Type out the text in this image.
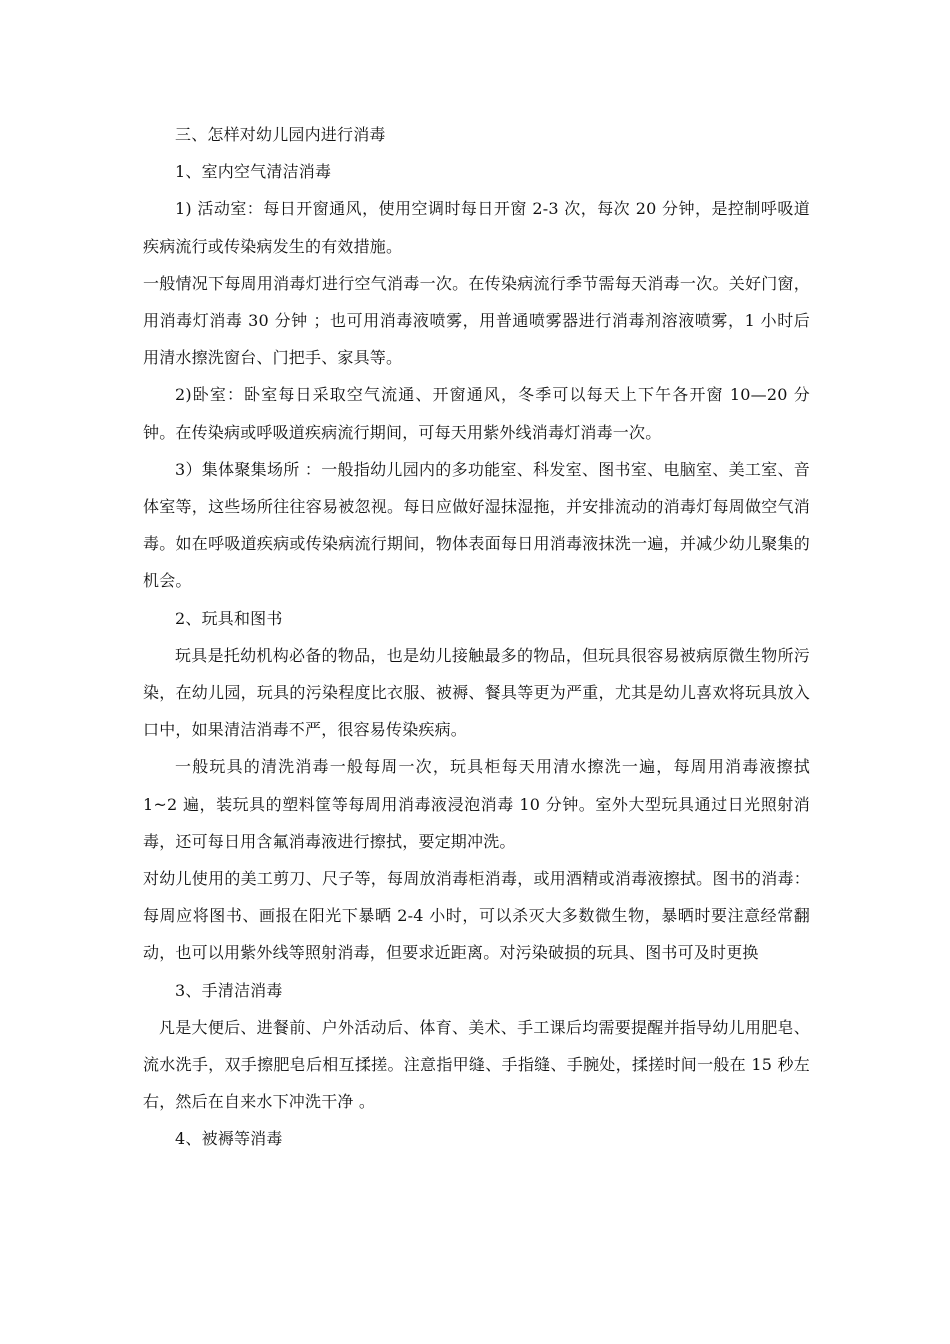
三、怎样对幼儿园内进行消毒

1、室内空气清洁消毒

1) 活动室：每日开窗通风，使用空调时每日开窗 2-3 次，每次 20 分钟，是控制呼吸道疾病流行或传染病发生的有效措施。

一般情况下每周用消毒灯进行空气消毒一次。在传染病流行季节需每天消毒一次。关好门窗，用消毒灯消毒 30 分钟 ；也可用消毒液喷雾，用普通喷雾器进行消毒剂溶液喷雾，1 小时后用清水擦洗窗台、门把手、家具等。

2)卧室：卧室每日采取空气流通、开窗通风，冬季可以每天上下午各开窗 10—20 分钟。在传染病或呼吸道疾病流行期间，可每天用紫外线消毒灯消毒一次。

3）集体聚集场所 ：一般指幼儿园内的多功能室、科发室、图书室、电脑室、美工室、音体室等，这些场所往往容易被忽视。每日应做好湿抹湿拖，并安排流动的消毒灯每周做空气消毒。如在呼吸道疾病或传染病流行期间，物体表面每日用消毒液抹洗一遍，并减少幼儿聚集的机会。

2、玩具和图书

玩具是托幼机构必备的物品，也是幼儿接触最多的物品，但玩具很容易被病原微生物所污染，在幼儿园，玩具的污染程度比衣服、被褥、餐具等更为严重，尤其是幼儿喜欢将玩具放入口中，如果清洁消毒不严，很容易传染疾病。

一般玩具的清洗消毒一般每周一次，玩具柜每天用清水擦洗一遍，每周用消毒液擦拭 1~2 遍，装玩具的塑料筐等每周用消毒液浸泡消毒 10 分钟。室外大型玩具通过日光照射消毒，还可每日用含氟消毒液进行擦拭，要定期冲洗。

对幼儿使用的美工剪刀、尺子等，每周放消毒柜消毒，或用酒精或消毒液擦拭。图书的消毒：每周应将图书、画报在阳光下暴晒 2-4 小时，可以杀灭大多数微生物，暴晒时要注意经常翻动，也可以用紫外线等照射消毒，但要求近距离。对污染破损的玩具、图书可及时更换

3、手清洁消毒

凡是大便后、进餐前、户外活动后、体育、美术、手工课后均需要提醒并指导幼儿用肥皂、流水洗手，双手擦肥皂后相互揉搓。注意指甲缝、手指缝、手腕处，揉搓时间一般在 15 秒左右，然后在自来水下冲洗干净 。

4、被褥等消毒
